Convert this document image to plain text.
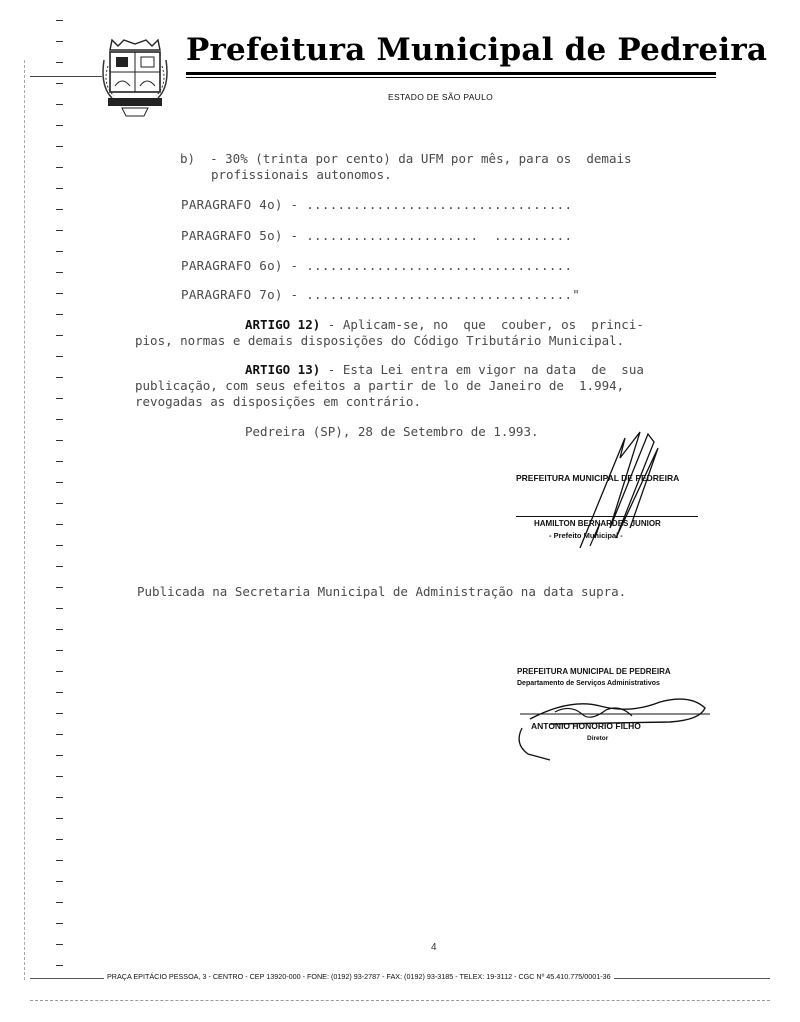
Prefeitura Municipal de Pedreira
ESTADO DE SÃO PAULO
b)  - 30% (trinta por cento) da UFM por mês, para os  demais
profissionais autonomos.
PARAGRAFO 4o) - ..................................
PARAGRAFO 5o) - ......................  ..........
PARAGRAFO 6o) - ..................................
PARAGRAFO 7o) - .................................."
ARTIGO 12) - Aplicam-se, no  que  couber, os  princi-
pios, normas e demais disposições do Código Tributário Municipal.
ARTIGO 13) - Esta Lei entra em vigor na data  de  sua
publicação, com seus efeitos a partir de lo de Janeiro de  1.994,
revogadas as disposições em contrário.
Pedreira (SP), 28 de Setembro de 1.993.
PREFEITURA MUNICIPAL DE PEDREIRA
HAMILTON BERNARDES JUNIOR
- Prefeito Municipal -
Publicada na Secretaria Municipal de Administração na data supra.
PREFEITURA MUNICIPAL DE PEDREIRA
Departamento de Serviços Administrativos
ANTONIO HONORIO FILHO
Diretor
4
PRAÇA EPITÁCIO PESSOA, 3 - CENTRO - CEP 13920-000 - FONE: (0192) 93-2787 - FAX: (0192) 93-3185 - TELEX: 19-3112 - CGC Nº 45.410.775/0001-36
